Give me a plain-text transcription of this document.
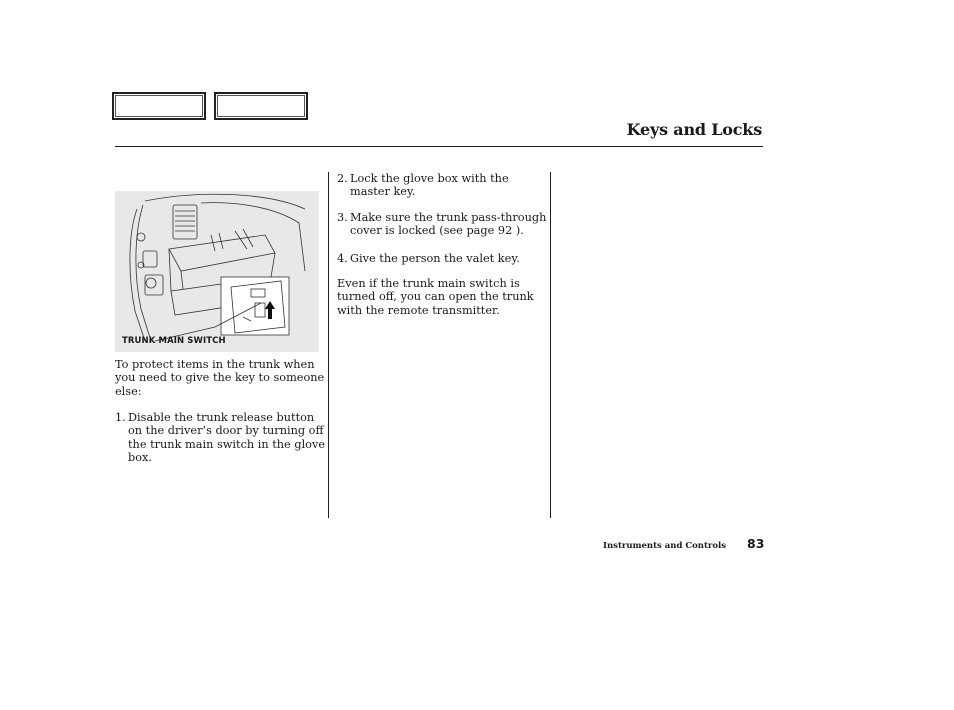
Keys and Locks
TRUNK MAIN SWITCH
To protect items in the trunk when
you need to give the key to someone
else:
1. Disable the trunk release button
on the driver’s door by turning off
the trunk main switch in the glove
box.
2. Lock the glove box with the
master key.
3. Make sure the trunk pass-through
cover is locked (see page 92 ).
4. Give the person the valet key.
Even if the trunk main switch is
turned off, you can open the trunk
with the remote transmitter.
Instruments and Controls 83
